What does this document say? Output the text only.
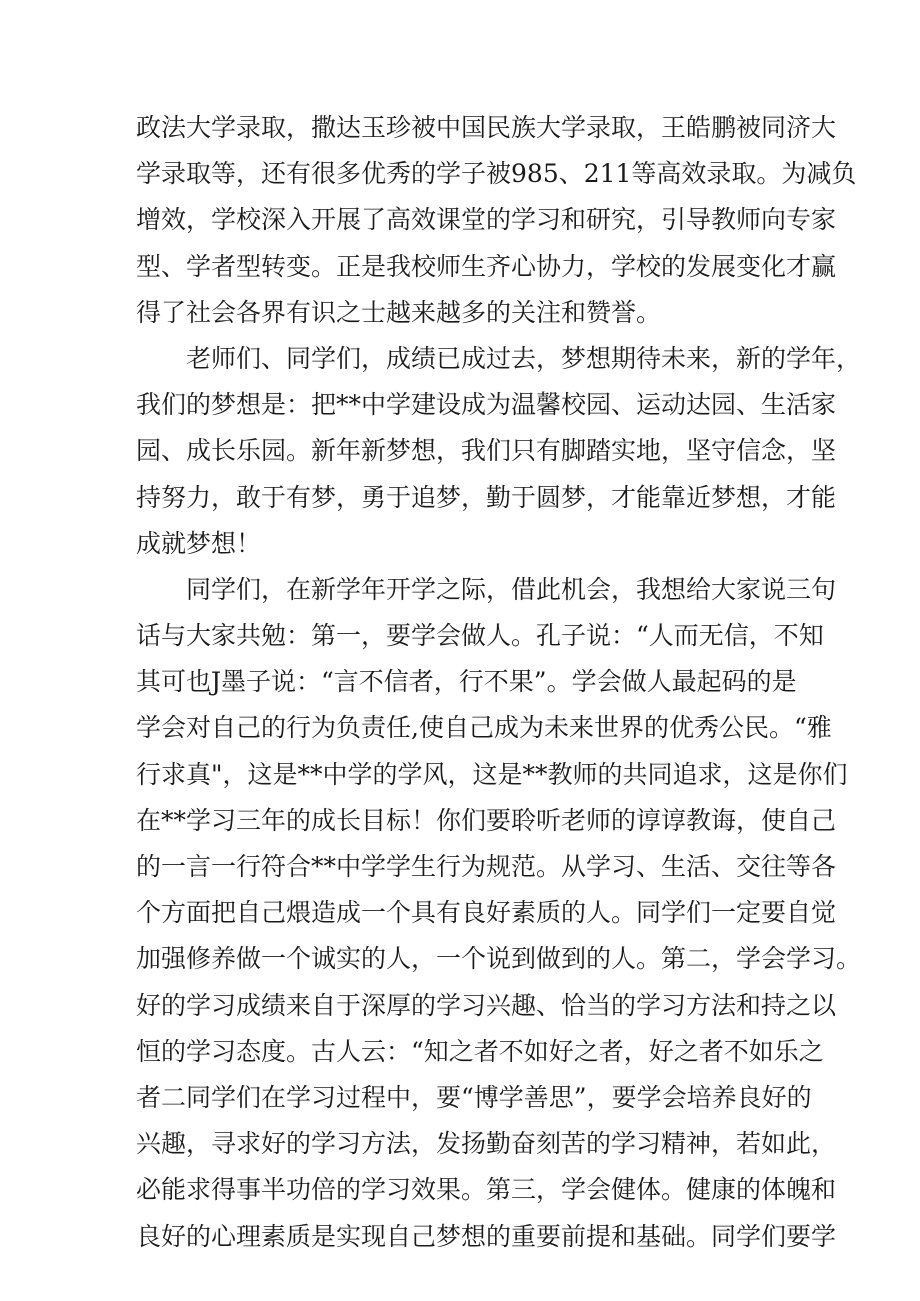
政法大学录取，撒达玉珍被中国民族大学录取，王皓鹏被同济大
学录取等，还有很多优秀的学子被985、211等高效录取。为减负
增效，学校深入开展了高效课堂的学习和研究，引导教师向专家
型、学者型转变。正是我校师生齐心协力，学校的发展变化才赢
得了社会各界有识之士越来越多的关注和赞誉。
老师们、同学们，成绩已成过去，梦想期待未来，新的学年，
我们的梦想是：把**中学建设成为温馨校园、运动达园、生活家
园、成长乐园。新年新梦想，我们只有脚踏实地，坚守信念，坚
持努力，敢于有梦，勇于追梦，勤于圆梦，才能靠近梦想，才能
成就梦想！
同学们，在新学年开学之际，借此机会，我想给大家说三句
话与大家共勉：第一，要学会做人。孔子说：“人而无信，不知
其可也J墨子说：“言不信者，行不果”。学会做人最起码的是
学会对自己的行为负责任,使自己成为未来世界的优秀公民。“雅
行求真"，这是**中学的学风，这是**教师的共同追求，这是你们
在**学习三年的成长目标！你们要聆听老师的谆谆教诲，使自己
的一言一行符合**中学学生行为规范。从学习、生活、交往等各
个方面把自己煨造成一个具有良好素质的人。同学们一定要自觉
加强修养做一个诚实的人，一个说到做到的人。第二，学会学习。
好的学习成绩来自于深厚的学习兴趣、恰当的学习方法和持之以
恒的学习态度。古人云：“知之者不如好之者，好之者不如乐之
者二同学们在学习过程中，要“博学善思”，要学会培养良好的
兴趣，寻求好的学习方法，发扬勤奋刻苦的学习精神，若如此，
必能求得事半功倍的学习效果。第三，学会健体。健康的体魄和
良好的心理素质是实现自己梦想的重要前提和基础。同学们要学
